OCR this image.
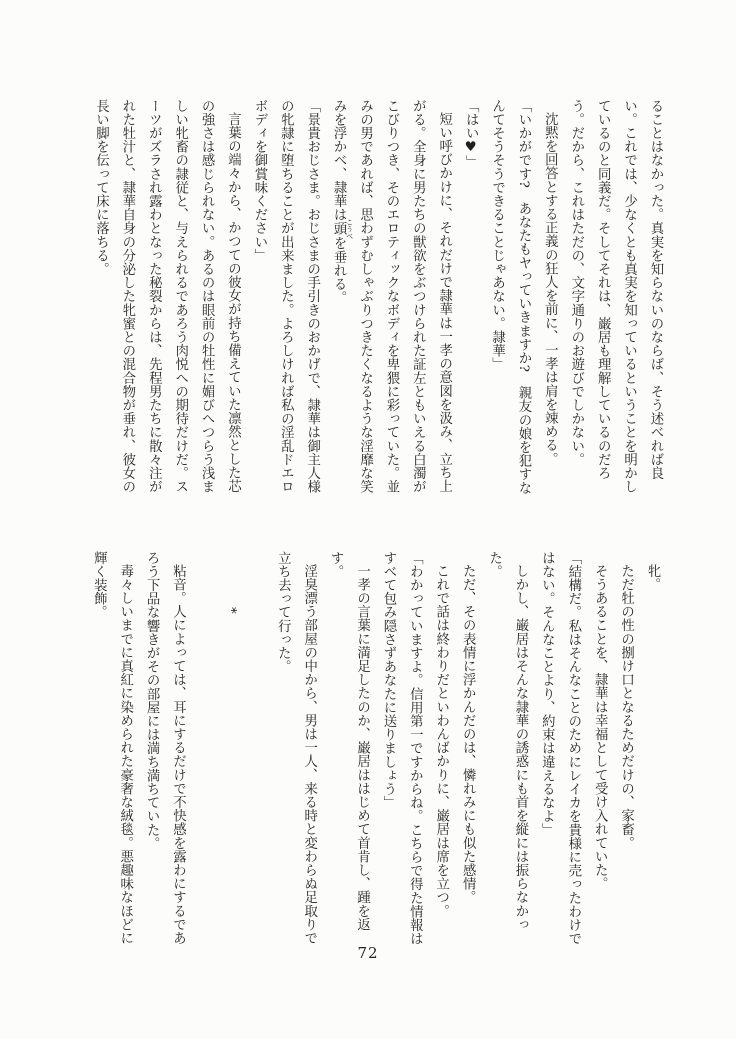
ることはなかった。真実を知らないのならば、そう述べれば良い。これでは、少なくとも真実を知っているということを明かしているのと同義だ。そしてそれは、巌居も理解しているのだろう。だから、これはただの、文字通りのお遊びでしかない。

沈黙を回答とする正義の狂人を前に、一孝は肩を竦める。

「いかがです?　あなたもヤっていきますか?　親友の娘を犯すなんてそうそうできることじゃあない。隷華」

「はい♥」

短い呼びかけに、それだけで隷華は一孝の意図を汲み、立ち上がる。全身に男たちの獣欲をぶつけられた証左ともいえる白濁がこびりつき、そのエロティックなボディを卑猥に彩っていた。並みの男であれば、思わずむしゃぶりつきたくなるような淫靡な笑みを浮かべ、隷華は頭 こうべを垂れる。

「景貴おじさま。おじさまの手引きのおかげで、隷華は御主人様の牝隷に堕ちることが出来ました。よろしければ私の淫乱ドエロボディを御賞味ください」

言葉の端々から、かつての彼女が持ち備えていた凛然とした芯の強さは感じられない。あるのは眼前の牡性に媚びへつらう浅ましい牝畜の隷従と、与えられるであろう肉悦への期待だけだ。スーツがズラされ露わとなった秘裂からは、先程男たちに散々注がれた牡汁と、隷華自身の分泌した牝蜜との混合物が垂れ、彼女の長い脚を伝って床に落ちる。

牝。

ただ牡の性の捌け口となるためだけの、家畜。

そうあることを、隷華は幸福として受け入れていた。

「結構だ。私はそんなことのためにレイカを貴様に売ったわけではない。そんなことより、約束は違えるなよ」

しかし、巌居はそんな隷華の誘惑にも首を縦には振らなかった。

ただ、その表情に浮かんだのは、憐れみにも似た感情。

これで話は終わりだといわんばかりに、巌居は席を立つ。

「わかっていますよ。信用第一ですからね。こちらで得た情報はすべて包み隠さずあなたに送りましょう」

一孝の言葉に満足したのか、巌居ははじめて首肯し、踵を返す。

淫臭漂う部屋の中から、男は一人、来る時と変わらぬ足取りで立ち去って行った。

*

粘音。人によっては、耳にするだけで不快感を露わにするであろう下品な響きがその部屋には満ち満ちていた。

毒々しいまでに真紅に染められた豪奢な絨毯。悪趣味なほどに輝く装飾。

72
